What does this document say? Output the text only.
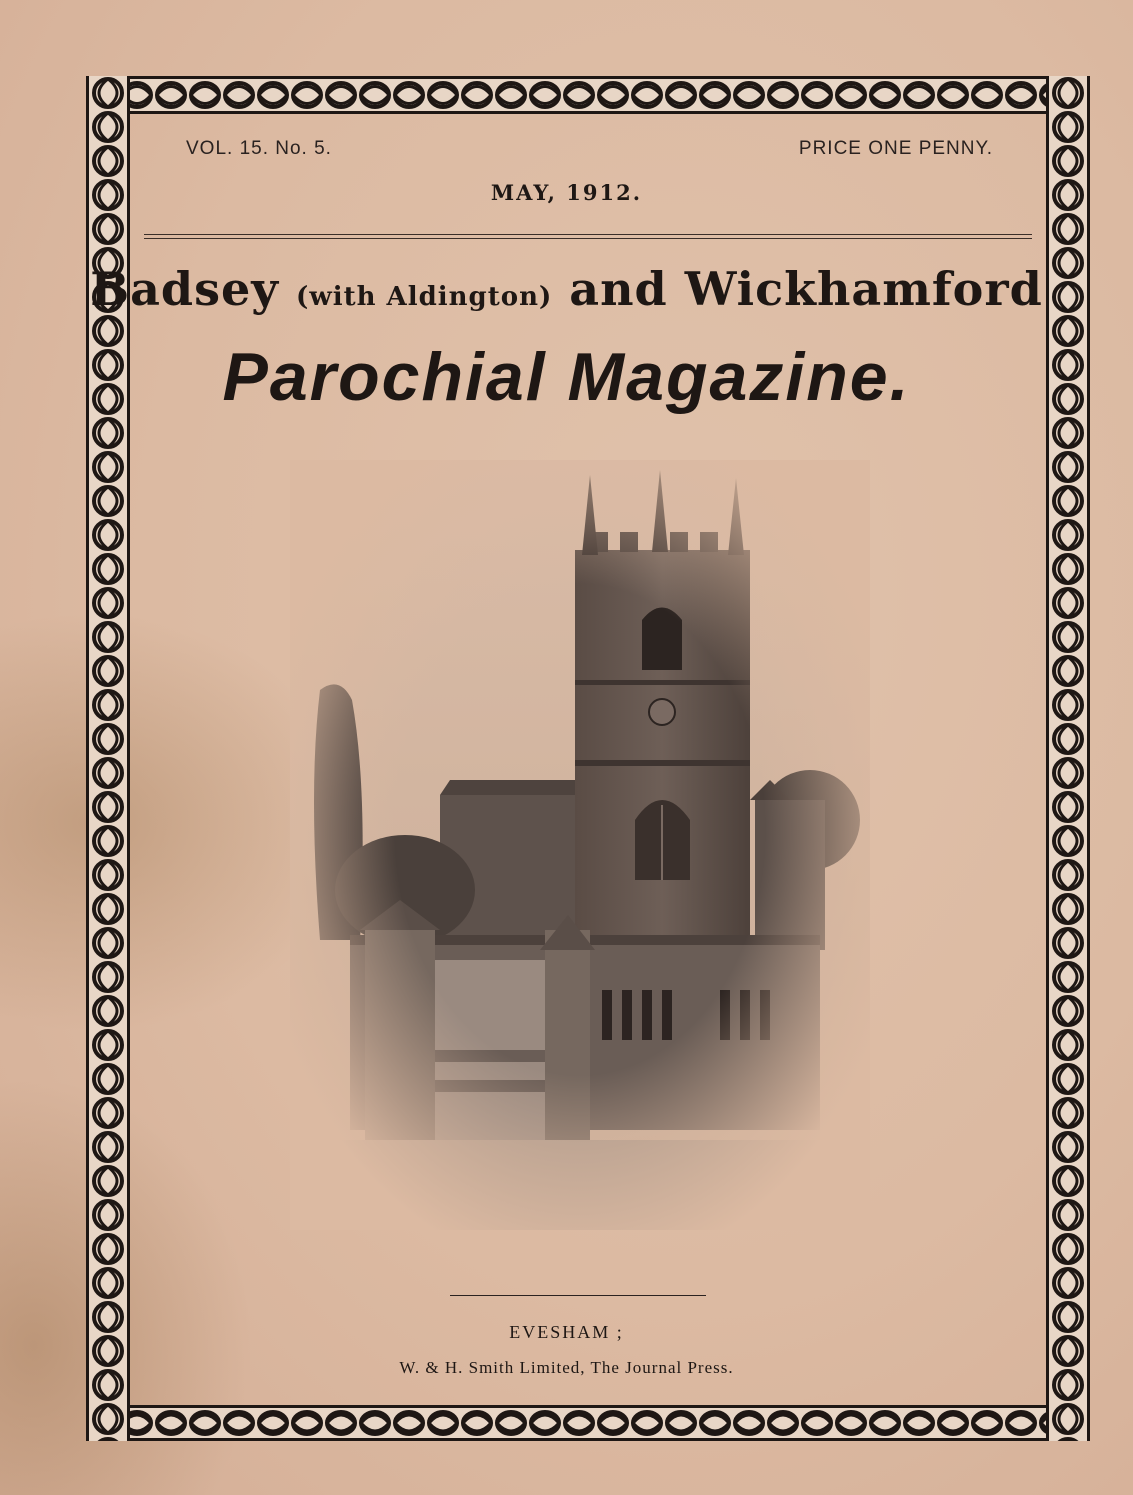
VOL. 15. No. 5.	PRICE ONE PENNY.
MAY, 1912.
Badsey (with Aldington) and Wickhamford
Parochial Magazine.
EVESHAM ;
W. & H. Smith Limited, The Journal Press.
